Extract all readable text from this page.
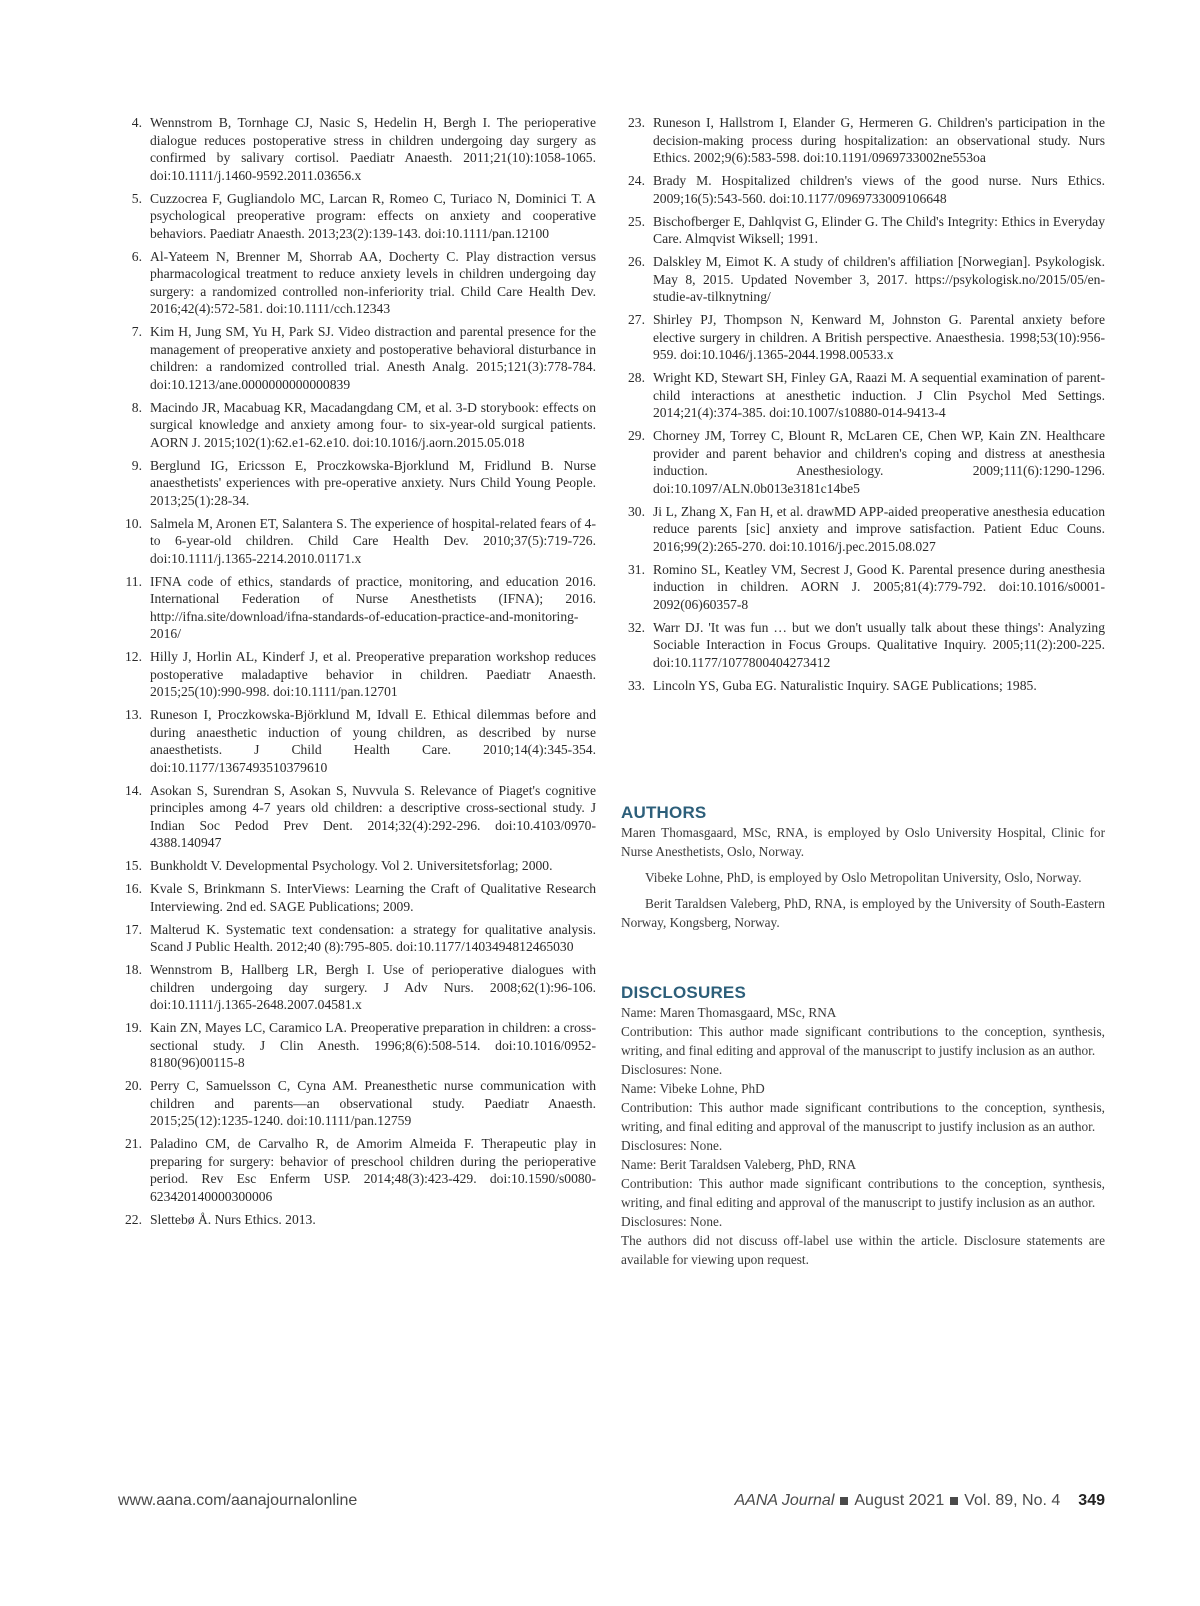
4. Wennstrom B, Tornhage CJ, Nasic S, Hedelin H, Bergh I. The perioperative dialogue reduces postoperative stress in children undergoing day surgery as confirmed by salivary cortisol. Paediatr Anaesth. 2011;21(10):1058-1065. doi:10.1111/j.1460-9592.2011.03656.x
5. Cuzzocrea F, Gugliandolo MC, Larcan R, Romeo C, Turiaco N, Dominici T. A psychological preoperative program: effects on anxiety and cooperative behaviors. Paediatr Anaesth. 2013;23(2):139-143. doi:10.1111/pan.12100
6. Al-Yateem N, Brenner M, Shorrab AA, Docherty C. Play distraction versus pharmacological treatment to reduce anxiety levels in children undergoing day surgery: a randomized controlled non-inferiority trial. Child Care Health Dev. 2016;42(4):572-581. doi:10.1111/cch.12343
7. Kim H, Jung SM, Yu H, Park SJ. Video distraction and parental presence for the management of preoperative anxiety and postoperative behavioral disturbance in children: a randomized controlled trial. Anesth Analg. 2015;121(3):778-784. doi:10.1213/ane.0000000000000839
8. Macindo JR, Macabuag KR, Macadangdang CM, et al. 3-D storybook: effects on surgical knowledge and anxiety among four- to six-year-old surgical patients. AORN J. 2015;102(1):62.e1-62.e10. doi:10.1016/j.aorn.2015.05.018
9. Berglund IG, Ericsson E, Proczkowska-Bjorklund M, Fridlund B. Nurse anaesthetists' experiences with pre-operative anxiety. Nurs Child Young People. 2013;25(1):28-34.
10. Salmela M, Aronen ET, Salantera S. The experience of hospital-related fears of 4- to 6-year-old children. Child Care Health Dev. 2010;37(5):719-726. doi:10.1111/j.1365-2214.2010.01171.x
11. IFNA code of ethics, standards of practice, monitoring, and education 2016. International Federation of Nurse Anesthetists (IFNA); 2016. http://ifna.site/download/ifna-standards-of-education-practice-and-monitoring-2016/
12. Hilly J, Horlin AL, Kinderf J, et al. Preoperative preparation workshop reduces postoperative maladaptive behavior in children. Paediatr Anaesth. 2015;25(10):990-998. doi:10.1111/pan.12701
13. Runeson I, Proczkowska-Björklund M, Idvall E. Ethical dilemmas before and during anaesthetic induction of young children, as described by nurse anaesthetists. J Child Health Care. 2010;14(4):345-354. doi:10.1177/1367493510379610
14. Asokan S, Surendran S, Asokan S, Nuvvula S. Relevance of Piaget's cognitive principles among 4-7 years old children: a descriptive cross-sectional study. J Indian Soc Pedod Prev Dent. 2014;32(4):292-296. doi:10.4103/0970-4388.140947
15. Bunkholdt V. Developmental Psychology. Vol 2. Universitetsforlag; 2000.
16. Kvale S, Brinkmann S. InterViews: Learning the Craft of Qualitative Research Interviewing. 2nd ed. SAGE Publications; 2009.
17. Malterud K. Systematic text condensation: a strategy for qualitative analysis. Scand J Public Health. 2012;40 (8):795-805. doi:10.1177/1403494812465030
18. Wennstrom B, Hallberg LR, Bergh I. Use of perioperative dialogues with children undergoing day surgery. J Adv Nurs. 2008;62(1):96-106. doi:10.1111/j.1365-2648.2007.04581.x
19. Kain ZN, Mayes LC, Caramico LA. Preoperative preparation in children: a cross-sectional study. J Clin Anesth. 1996;8(6):508-514. doi:10.1016/0952-8180(96)00115-8
20. Perry C, Samuelsson C, Cyna AM. Preanesthetic nurse communication with children and parents—an observational study. Paediatr Anaesth. 2015;25(12):1235-1240. doi:10.1111/pan.12759
21. Paladino CM, de Carvalho R, de Amorim Almeida F. Therapeutic play in preparing for surgery: behavior of preschool children during the perioperative period. Rev Esc Enferm USP. 2014;48(3):423-429. doi:10.1590/s0080-623420140000300006
22. Slettebø Å. Nurs Ethics. 2013.
23. Runeson I, Hallstrom I, Elander G, Hermeren G. Children's participation in the decision-making process during hospitalization: an observational study. Nurs Ethics. 2002;9(6):583-598. doi:10.1191/0969733002ne553oa
24. Brady M. Hospitalized children's views of the good nurse. Nurs Ethics. 2009;16(5):543-560. doi:10.1177/0969733009106648
25. Bischofberger E, Dahlqvist G, Elinder G. The Child's Integrity: Ethics in Everyday Care. Almqvist Wiksell; 1991.
26. Dalskley M, Eimot K. A study of children's affiliation [Norwegian]. Psykologisk. May 8, 2015. Updated November 3, 2017. https://psykologisk.no/2015/05/en-studie-av-tilknytning/
27. Shirley PJ, Thompson N, Kenward M, Johnston G. Parental anxiety before elective surgery in children. A British perspective. Anaesthesia. 1998;53(10):956-959. doi:10.1046/j.1365-2044.1998.00533.x
28. Wright KD, Stewart SH, Finley GA, Raazi M. A sequential examination of parent-child interactions at anesthetic induction. J Clin Psychol Med Settings. 2014;21(4):374-385. doi:10.1007/s10880-014-9413-4
29. Chorney JM, Torrey C, Blount R, McLaren CE, Chen WP, Kain ZN. Healthcare provider and parent behavior and children's coping and distress at anesthesia induction. Anesthesiology. 2009;111(6):1290-1296. doi:10.1097/ALN.0b013e3181c14be5
30. Ji L, Zhang X, Fan H, et al. drawMD APP-aided preoperative anesthesia education reduce parents [sic] anxiety and improve satisfaction. Patient Educ Couns. 2016;99(2):265-270. doi:10.1016/j.pec.2015.08.027
31. Romino SL, Keatley VM, Secrest J, Good K. Parental presence during anesthesia induction in children. AORN J. 2005;81(4):779-792. doi:10.1016/s0001-2092(06)60357-8
32. Warr DJ. 'It was fun … but we don't usually talk about these things': Analyzing Sociable Interaction in Focus Groups. Qualitative Inquiry. 2005;11(2):200-225. doi:10.1177/1077800404273412
33. Lincoln YS, Guba EG. Naturalistic Inquiry. SAGE Publications; 1985.
AUTHORS

Maren Thomasgaard, MSc, RNA, is employed by Oslo University Hospital, Clinic for Nurse Anesthetists, Oslo, Norway.

Vibeke Lohne, PhD, is employed by Oslo Metropolitan University, Oslo, Norway.

Berit Taraldsen Valeberg, PhD, RNA, is employed by the University of South-Eastern Norway, Kongsberg, Norway.

DISCLOSURES

Name: Maren Thomasgaard, MSc, RNA

Contribution: This author made significant contributions to the conception, synthesis, writing, and final editing and approval of the manuscript to justify inclusion as an author.

Disclosures: None.

Name: Vibeke Lohne, PhD

Contribution: This author made significant contributions to the conception, synthesis, writing, and final editing and approval of the manuscript to justify inclusion as an author.

Disclosures: None.

Name: Berit Taraldsen Valeberg, PhD, RNA

Contribution: This author made significant contributions to the conception, synthesis, writing, and final editing and approval of the manuscript to justify inclusion as an author.

Disclosures: None.

The authors did not discuss off-label use within the article. Disclosure statements are available for viewing upon request.

www.aana.com/aanajournalonline	AANA Journal August 2021 Vol. 89, No. 4 349
